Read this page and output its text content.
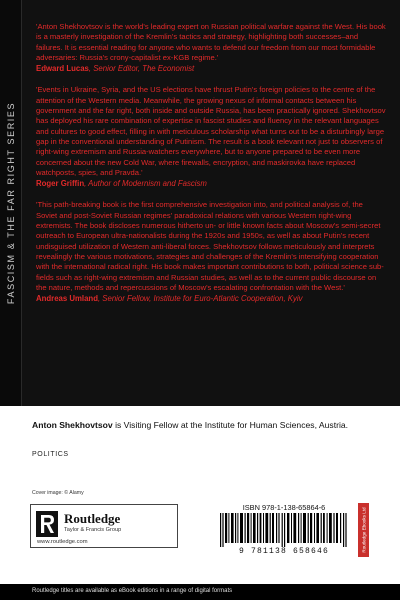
FASCISM & THE FAR RIGHT SERIES

'Anton Shekhovtsov is the world's leading expert on Russian political warfare against the West. His book is a masterly investigation of the Kremlin's tactics and strategy, highlighting both successes–and failures. It is essential reading for anyone who wants to defend our freedom from our most formidable adversaries: Russia's crony-capitalist ex-KGB regime.'

Edward Lucas, Senior Editor, The Economist

'Events in Ukraine, Syria, and the US elections have thrust Putin's foreign policies to the centre of the attention of the Western media. Meanwhile, the growing nexus of informal contacts between his government and the far right, both inside and outside Russia, has been practically ignored. Shekhovtsov has deployed his rare combination of expertise in fascist studies and fluency in the relevant languages and cultures to good effect, filling in with meticulous scholarship what turns out to be a disturbingly large gap in the conventional understanding of Putinism. The result is a book relevant not just to observers of right-wing extremism and Russia-watchers everywhere, but to anyone prepared to be even more concerned about the new Cold War, where firewalls, encryption, and maskirovka have replaced watchposts, spies, and Pravda.'

Roger Griffin, Author of Modernism and Fascism

'This path-breaking book is the first comprehensive investigation into, and political analysis of, the Soviet and post-Soviet Russian regimes' paradoxical relations with various Western right-wing extremists. The book discloses numerous hitherto un- or little known facts about Moscow's semi-secret outreach to European ultra-nationalists during the 1920s and 1950s, as well as about Putin's recent undisguised utilization of Western anti-liberal forces. Shekhovtsov follows meticulously and interprets revealingly the various motivations, strategies and challenges of the Kremlin's intensifying cooperation with the international radical right. His book makes important contributions to both, political science sub-fields such as right-wing extremism and Russian studies, as well as to the current public discourse on the nature, methods and repercussions of Moscow's escalating confrontation with the West.'

Andreas Umland, Senior Fellow, Institute for Euro-Atlantic Cooperation, Kyiv
Anton Shekhovtsov is Visiting Fellow at the Institute for Human Sciences, Austria.
POLITICS
Cover image: © Alamy
Routledge
Taylor & Francis Group
www.routledge.com
ISBN 978-1-138-65864-6
9 781138 658646	Routledge Ebooks Ltd
Routledge titles are available as eBook editions in a range of digital formats
